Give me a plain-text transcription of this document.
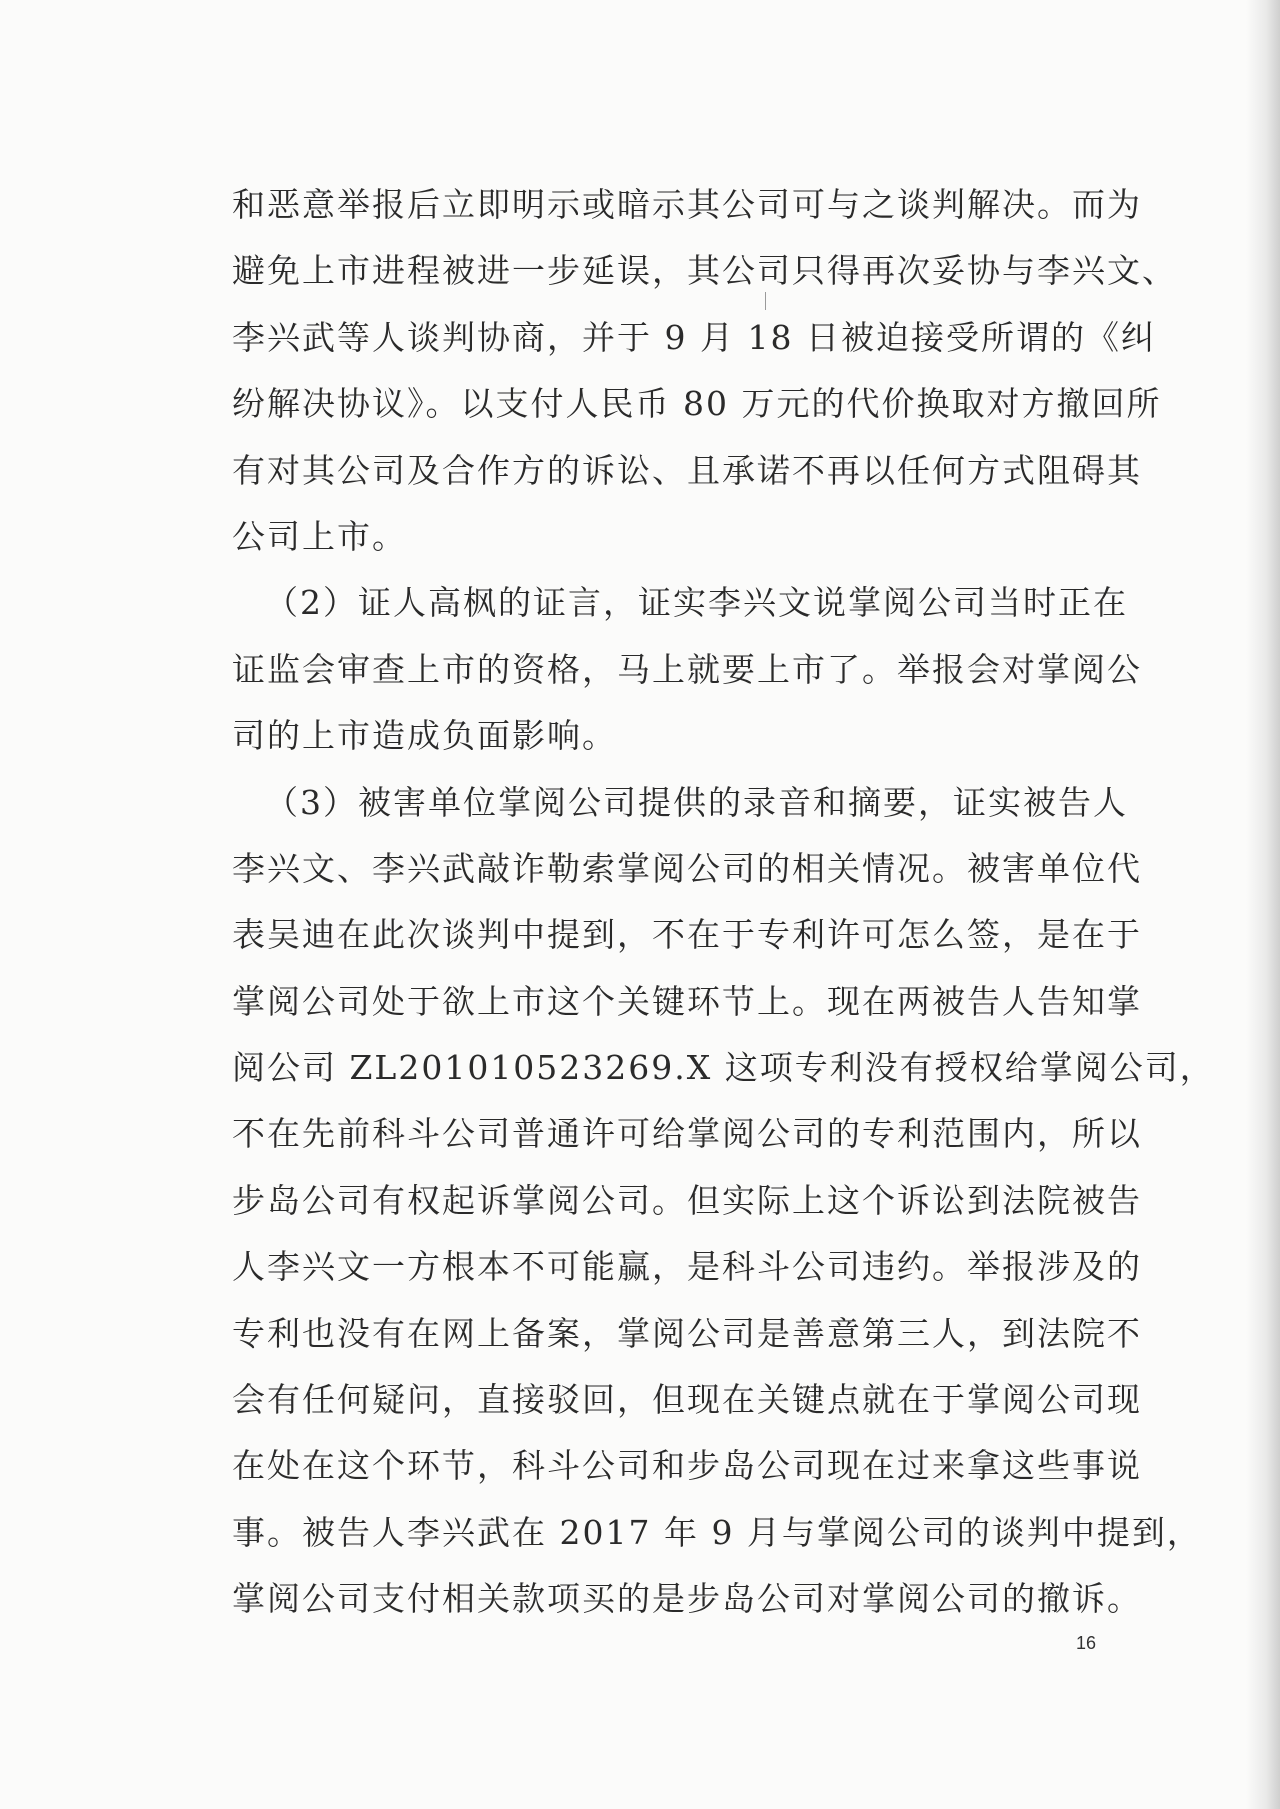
和恶意举报后立即明示或暗示其公司可与之谈判解决。而为
避免上市进程被进一步延误，其公司只得再次妥协与李兴文、
李兴武等人谈判协商，并于 9 月 18 日被迫接受所谓的《纠
纷解决协议》。以支付人民币 80 万元的代价换取对方撤回所
有对其公司及合作方的诉讼、且承诺不再以任何方式阻碍其
公司上市。
（2）证人高枫的证言，证实李兴文说掌阅公司当时正在
证监会审查上市的资格，马上就要上市了。举报会对掌阅公
司的上市造成负面影响。
（3）被害单位掌阅公司提供的录音和摘要，证实被告人
李兴文、李兴武敲诈勒索掌阅公司的相关情况。被害单位代
表吴迪在此次谈判中提到，不在于专利许可怎么签，是在于
掌阅公司处于欲上市这个关键环节上。现在两被告人告知掌
阅公司 ZL201010523269.X 这项专利没有授权给掌阅公司，
不在先前科斗公司普通许可给掌阅公司的专利范围内，所以
步岛公司有权起诉掌阅公司。但实际上这个诉讼到法院被告
人李兴文一方根本不可能赢，是科斗公司违约。举报涉及的
专利也没有在网上备案，掌阅公司是善意第三人，到法院不
会有任何疑问，直接驳回，但现在关键点就在于掌阅公司现
在处在这个环节，科斗公司和步岛公司现在过来拿这些事说
事。被告人李兴武在 2017 年 9 月与掌阅公司的谈判中提到，
掌阅公司支付相关款项买的是步岛公司对掌阅公司的撤诉。
16
